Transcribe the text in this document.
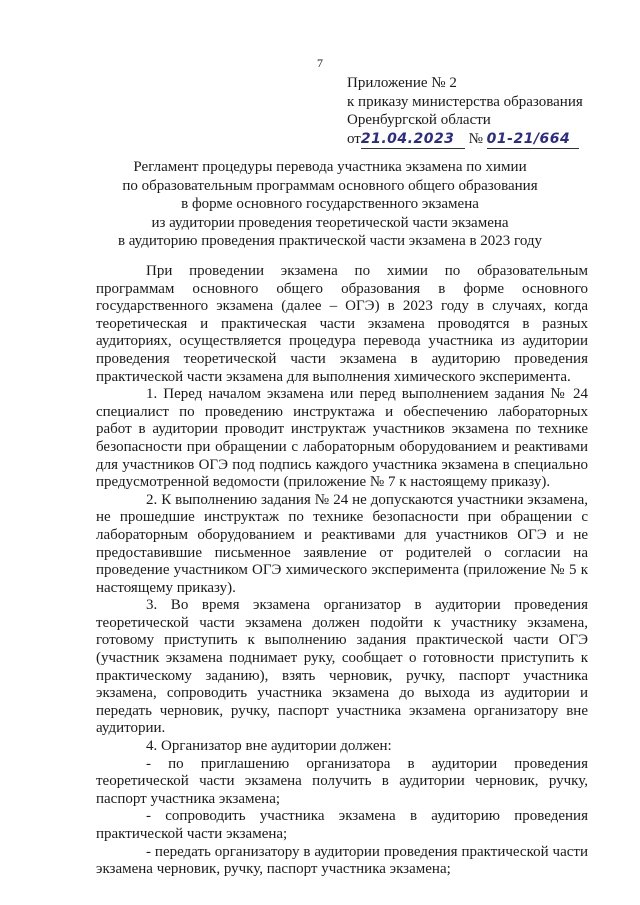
7
Приложение № 2
к приказу министерства образования
Оренбургской области
от21.04.2023 № 01-21/664
Регламент процедуры перевода участника экзамена по химии
по образовательным программам основного общего образования
в форме основного государственного экзамена
из аудитории проведения теоретической части экзамена
в аудиторию проведения практической части экзамена в 2023 году

При проведении экзамена по химии по образовательным программам основного общего образования в форме основного государственного экзамена (далее – ОГЭ) в 2023 году в случаях, когда теоретическая и практическая части экзамена проводятся в разных аудиториях, осуществляется процедура перевода участника из аудитории проведения теоретической части экзамена в аудиторию проведения практической части экзамена для выполнения химического эксперимента.

1. Перед началом экзамена или перед выполнением задания № 24 специалист по проведению инструктажа и обеспечению лабораторных работ в аудитории проводит инструктаж участников экзамена по технике безопасности при обращении с лабораторным оборудованием и реактивами для участников ОГЭ под подпись каждого участника экзамена в специально предусмотренной ведомости (приложение № 7 к настоящему приказу).

2. К выполнению задания № 24 не допускаются участники экзамена, не прошедшие инструктаж по технике безопасности при обращении с лабораторным оборудованием и реактивами для участников ОГЭ и не предоставившие письменное заявление от родителей о согласии на проведение участником ОГЭ химического эксперимента (приложение № 5 к настоящему приказу).

3. Во время экзамена организатор в аудитории проведения теоретической части экзамена должен подойти к участнику экзамена, готовому приступить к выполнению задания практической части ОГЭ (участник экзамена поднимает руку, сообщает о готовности приступить к практическому заданию), взять черновик, ручку, паспорт участника экзамена, сопроводить участника экзамена до выхода из аудитории и передать черновик, ручку, паспорт участника экзамена организатору вне аудитории.

4. Организатор вне аудитории должен:

- по приглашению организатора в аудитории проведения теоретической части экзамена получить в аудитории черновик, ручку, паспорт участника экзамена;

- сопроводить участника экзамена в аудиторию проведения практической части экзамена;

- передать организатору в аудитории проведения практической части экзамена черновик, ручку, паспорт участника экзамена;
